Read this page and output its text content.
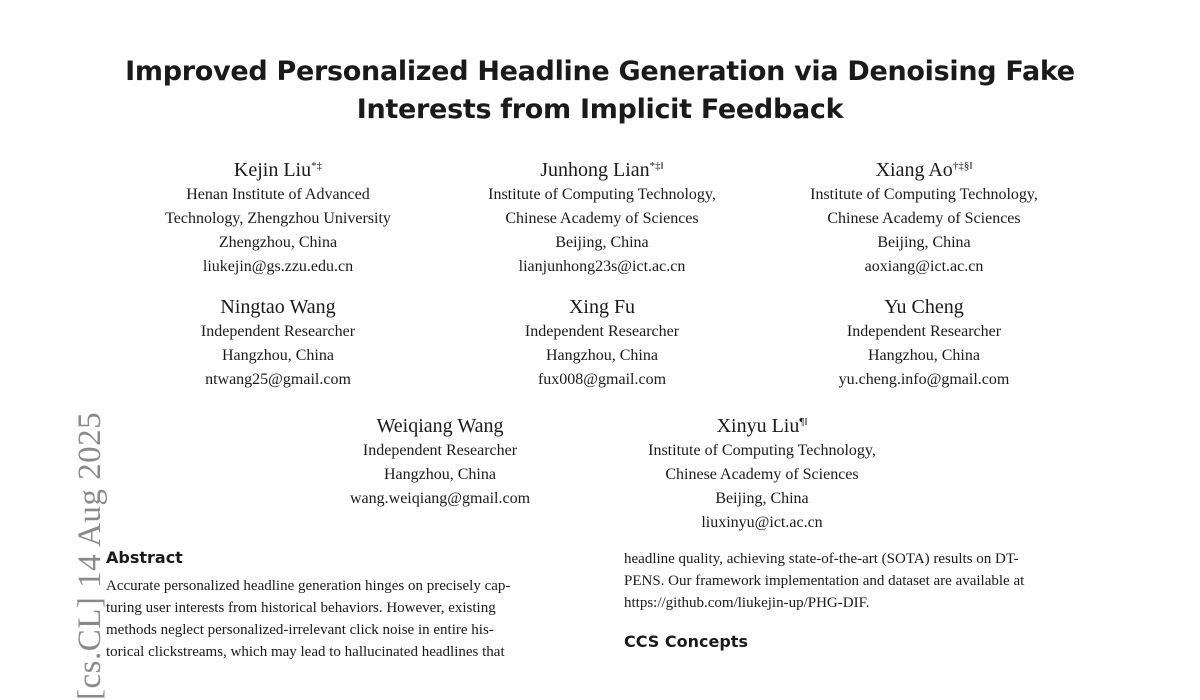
Improved Personalized Headline Generation via Denoising Fake
Interests from Implicit Feedback
Kejin Liu*‡
Henan Institute of Advanced
Technology, Zhengzhou University
Zhengzhou, China
liukejin@gs.zzu.edu.cn
Junhong Lian*‡‖
Institute of Computing Technology,
Chinese Academy of Sciences
Beijing, China
lianjunhong23s@ict.ac.cn
Xiang Ao†‡§‖
Institute of Computing Technology,
Chinese Academy of Sciences
Beijing, China
aoxiang@ict.ac.cn
Ningtao Wang
Independent Researcher
Hangzhou, China
ntwang25@gmail.com
Xing Fu
Independent Researcher
Hangzhou, China
fux008@gmail.com
Yu Cheng
Independent Researcher
Hangzhou, China
yu.cheng.info@gmail.com
Weiqiang Wang
Independent Researcher
Hangzhou, China
wang.weiqiang@gmail.com
Xinyu Liu¶‖
Institute of Computing Technology,
Chinese Academy of Sciences
Beijing, China
liuxinyu@ict.ac.cn
[cs.CL] 14 Aug 2025
Abstract

Accurate personalized headline generation hinges on precisely cap-
turing user interests from historical behaviors. However, existing
methods neglect personalized-irrelevant click noise in entire his-
torical clickstreams, which may lead to hallucinated headlines that

headline quality, achieving state-of-the-art (SOTA) results on DT-
PENS. Our framework implementation and dataset are available at
https://github.com/liukejin-up/PHG-DIF.

CCS Concepts
